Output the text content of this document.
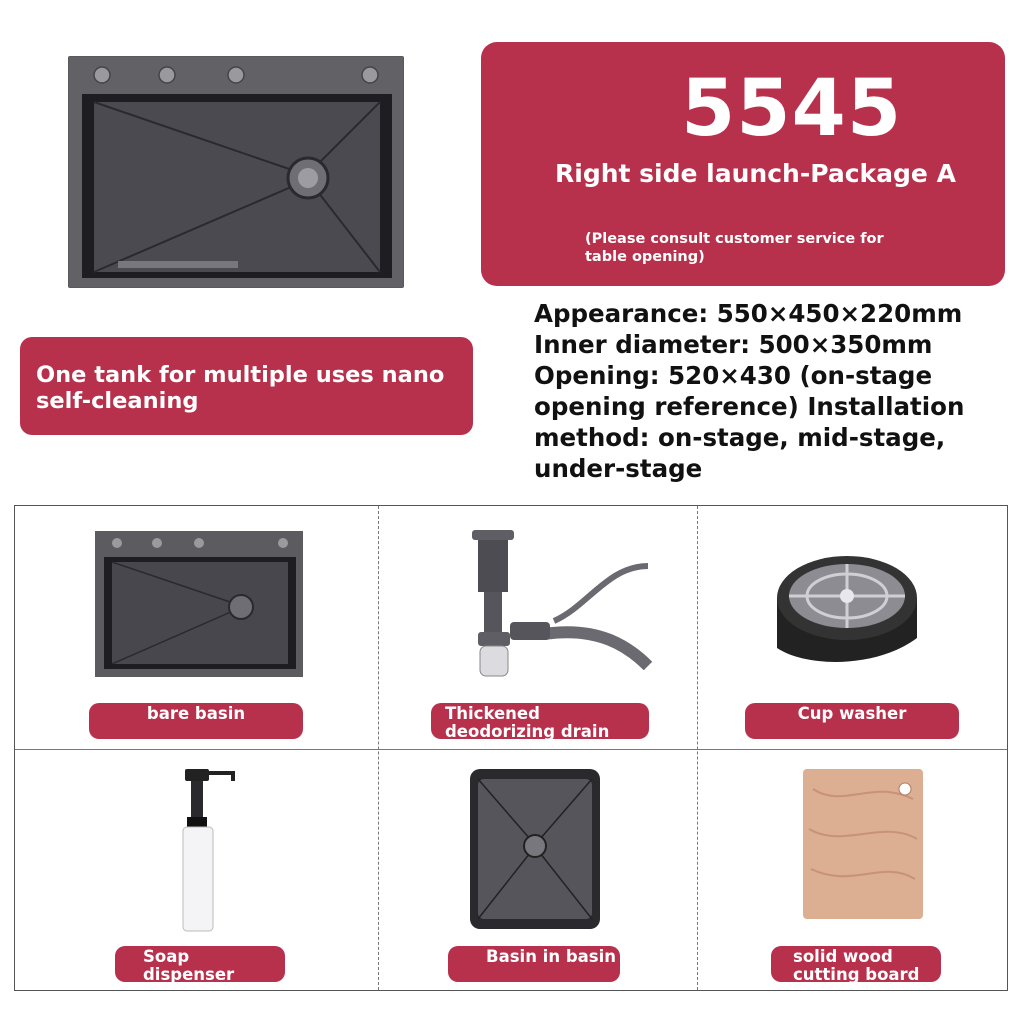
5545
Right side launch-Package A
(Please consult customer service for table opening)
One tank for multiple uses nano self-cleaning
Appearance: 550×450×220mm Inner diameter: 500×350mm Opening: 520×430 (on-stage opening reference) Installation method: on-stage, mid-stage, under-stage
bare basin	Thickened deodorizing drain
Cup washer
Soap dispenser
Basin in basin	solid wood cutting board
